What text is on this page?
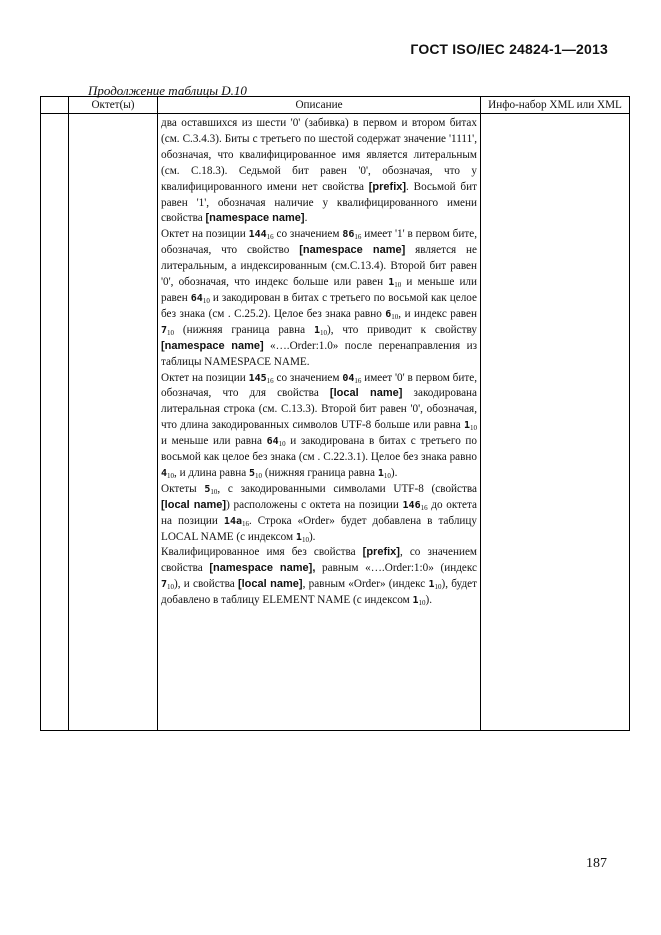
ГОСТ ISO/IEC 24824-1—2013
Продолжение таблицы D.10
	Октет(ы)	Описание	Инфо-набор XML или XML

		два оставшихся из шести '0' (забивка) в первом и втором битах (см. С.3.4.3). Биты с третьего по шестой содержат значение '1111', обозначая, что квалифицированное имя является литеральным (см. С.18.3). Седьмой бит равен '0', обозначая, что у квалифицированного имени нет свойства [prefix]. Восьмой бит равен '1', обозначая наличие у квалифицированного имени свойства [namespace name].
Октет на позиции $144_{16}$ со значением $86_{16}$ имеет '1' в первом бите, обозначая, что свойство [namespace name] является не литеральным, а индексированным (см.С.13.4). Второй бит равен '0', обозначая, что индекс больше или равен $1_{10}$ и меньше или равен $64_{10}$ и закодирован в битах с третьего по восьмой как целое без знака (см . С.25.2). Целое без знака равно $6_{10}$, и индекс равен $7_{10}$ (нижняя граница равна $1_{10}$), что приводит к свойству [namespace name] «….Order:1.0» после перенаправления из таблицы NAMESPACE NAME.
Октет на позиции $145_{16}$ со значением $04_{16}$ имеет '0' в первом бите, обозначая, что для свойства [local name] закодирована литеральная строка (см. С.13.3). Второй бит равен '0', обозначая, что длина закодированных символов UTF-8 больше или равна $1_{10}$ и меньше или равна $64_{10}$ и закодирована в битах с третьего по восьмой как целое без знака (см . С.22.3.1). Целое без знака равно $4_{10}$, и длина равна $5_{10}$ (нижняя граница равна $1_{10}$).
Октеты $5_{10}$, с закодированными символами UTF-8 (свойства [local name]) расположены с октета на позиции $146_{16}$ до октета на позиции $14a_{16}$. Строка «Order» будет добавлена в таблицу LOCAL NAME (с индексом $1_{10}$).
Квалифицированное имя без свойства [prefix], со значением свойства [namespace name], равным «….Order:1:0» (индекс $7_{10}$), и свойства [local name], равным «Order» (индекс $1_{10}$), будет добавлено в таблицу ELEMENT NAME (с индексом $1_{10}$).	

187
